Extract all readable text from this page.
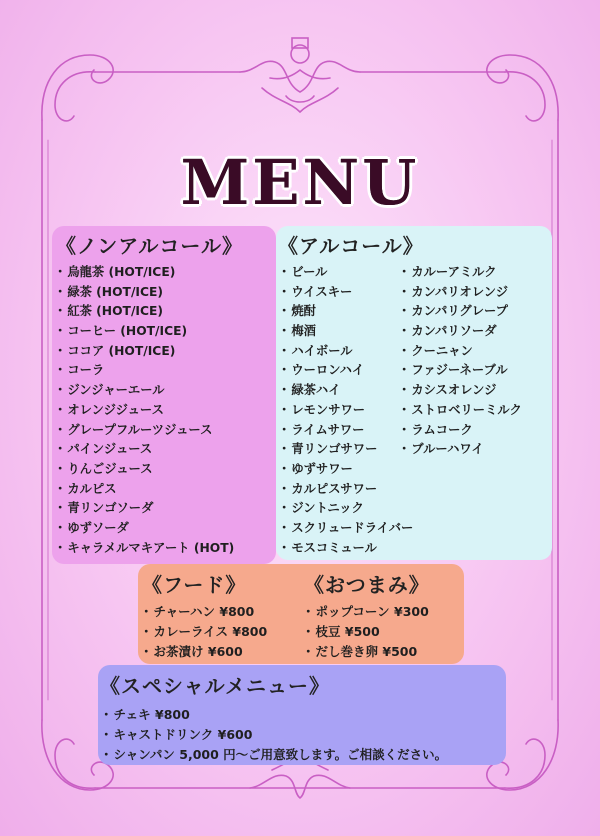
MENU
《ノンアルコール》
・ 烏龍茶 (HOT/ICE)
・ 緑茶 (HOT/ICE)
・ 紅茶 (HOT/ICE)
・ コーヒー (HOT/ICE)
・ ココア (HOT/ICE)
・ コーラ
・ ジンジャーエール
・ オレンジジュース
・ グレープフルーツジュース
・ パインジュース
・ りんごジュース
・ カルピス
・ 青リンゴソーダ
・ ゆずソーダ
・ キャラメルマキアート (HOT)
《アルコール》
・ ビール
・ ウイスキー
・ 焼酎
・ 梅酒
・ ハイボール
・ ウーロンハイ
・ 緑茶ハイ
・ レモンサワー
・ ライムサワー
・ 青リンゴサワー
・ ゆずサワー
・ カルピスサワー
・ ジントニック
・ スクリュードライバー
・ モスコミュール
・ カルーアミルク
・ カンパリオレンジ
・ カンパリグレープ
・ カンパリソーダ
・ クーニャン
・ ファジーネーブル
・ カシスオレンジ
・ ストロベリーミルク
・ ラムコーク
・ ブルーハワイ
《フード》	《おつまみ》
・ チャーハン ¥800
・ カレーライス ¥800
・ お茶漬け ¥600
・ ポップコーン ¥300
・ 枝豆 ¥500
・ だし巻き卵 ¥500
《スペシャルメニュー》
・ チェキ ¥800
・ キャストドリンク ¥600
・ シャンパン 5,000 円～ご用意致します。ご相談ください。
